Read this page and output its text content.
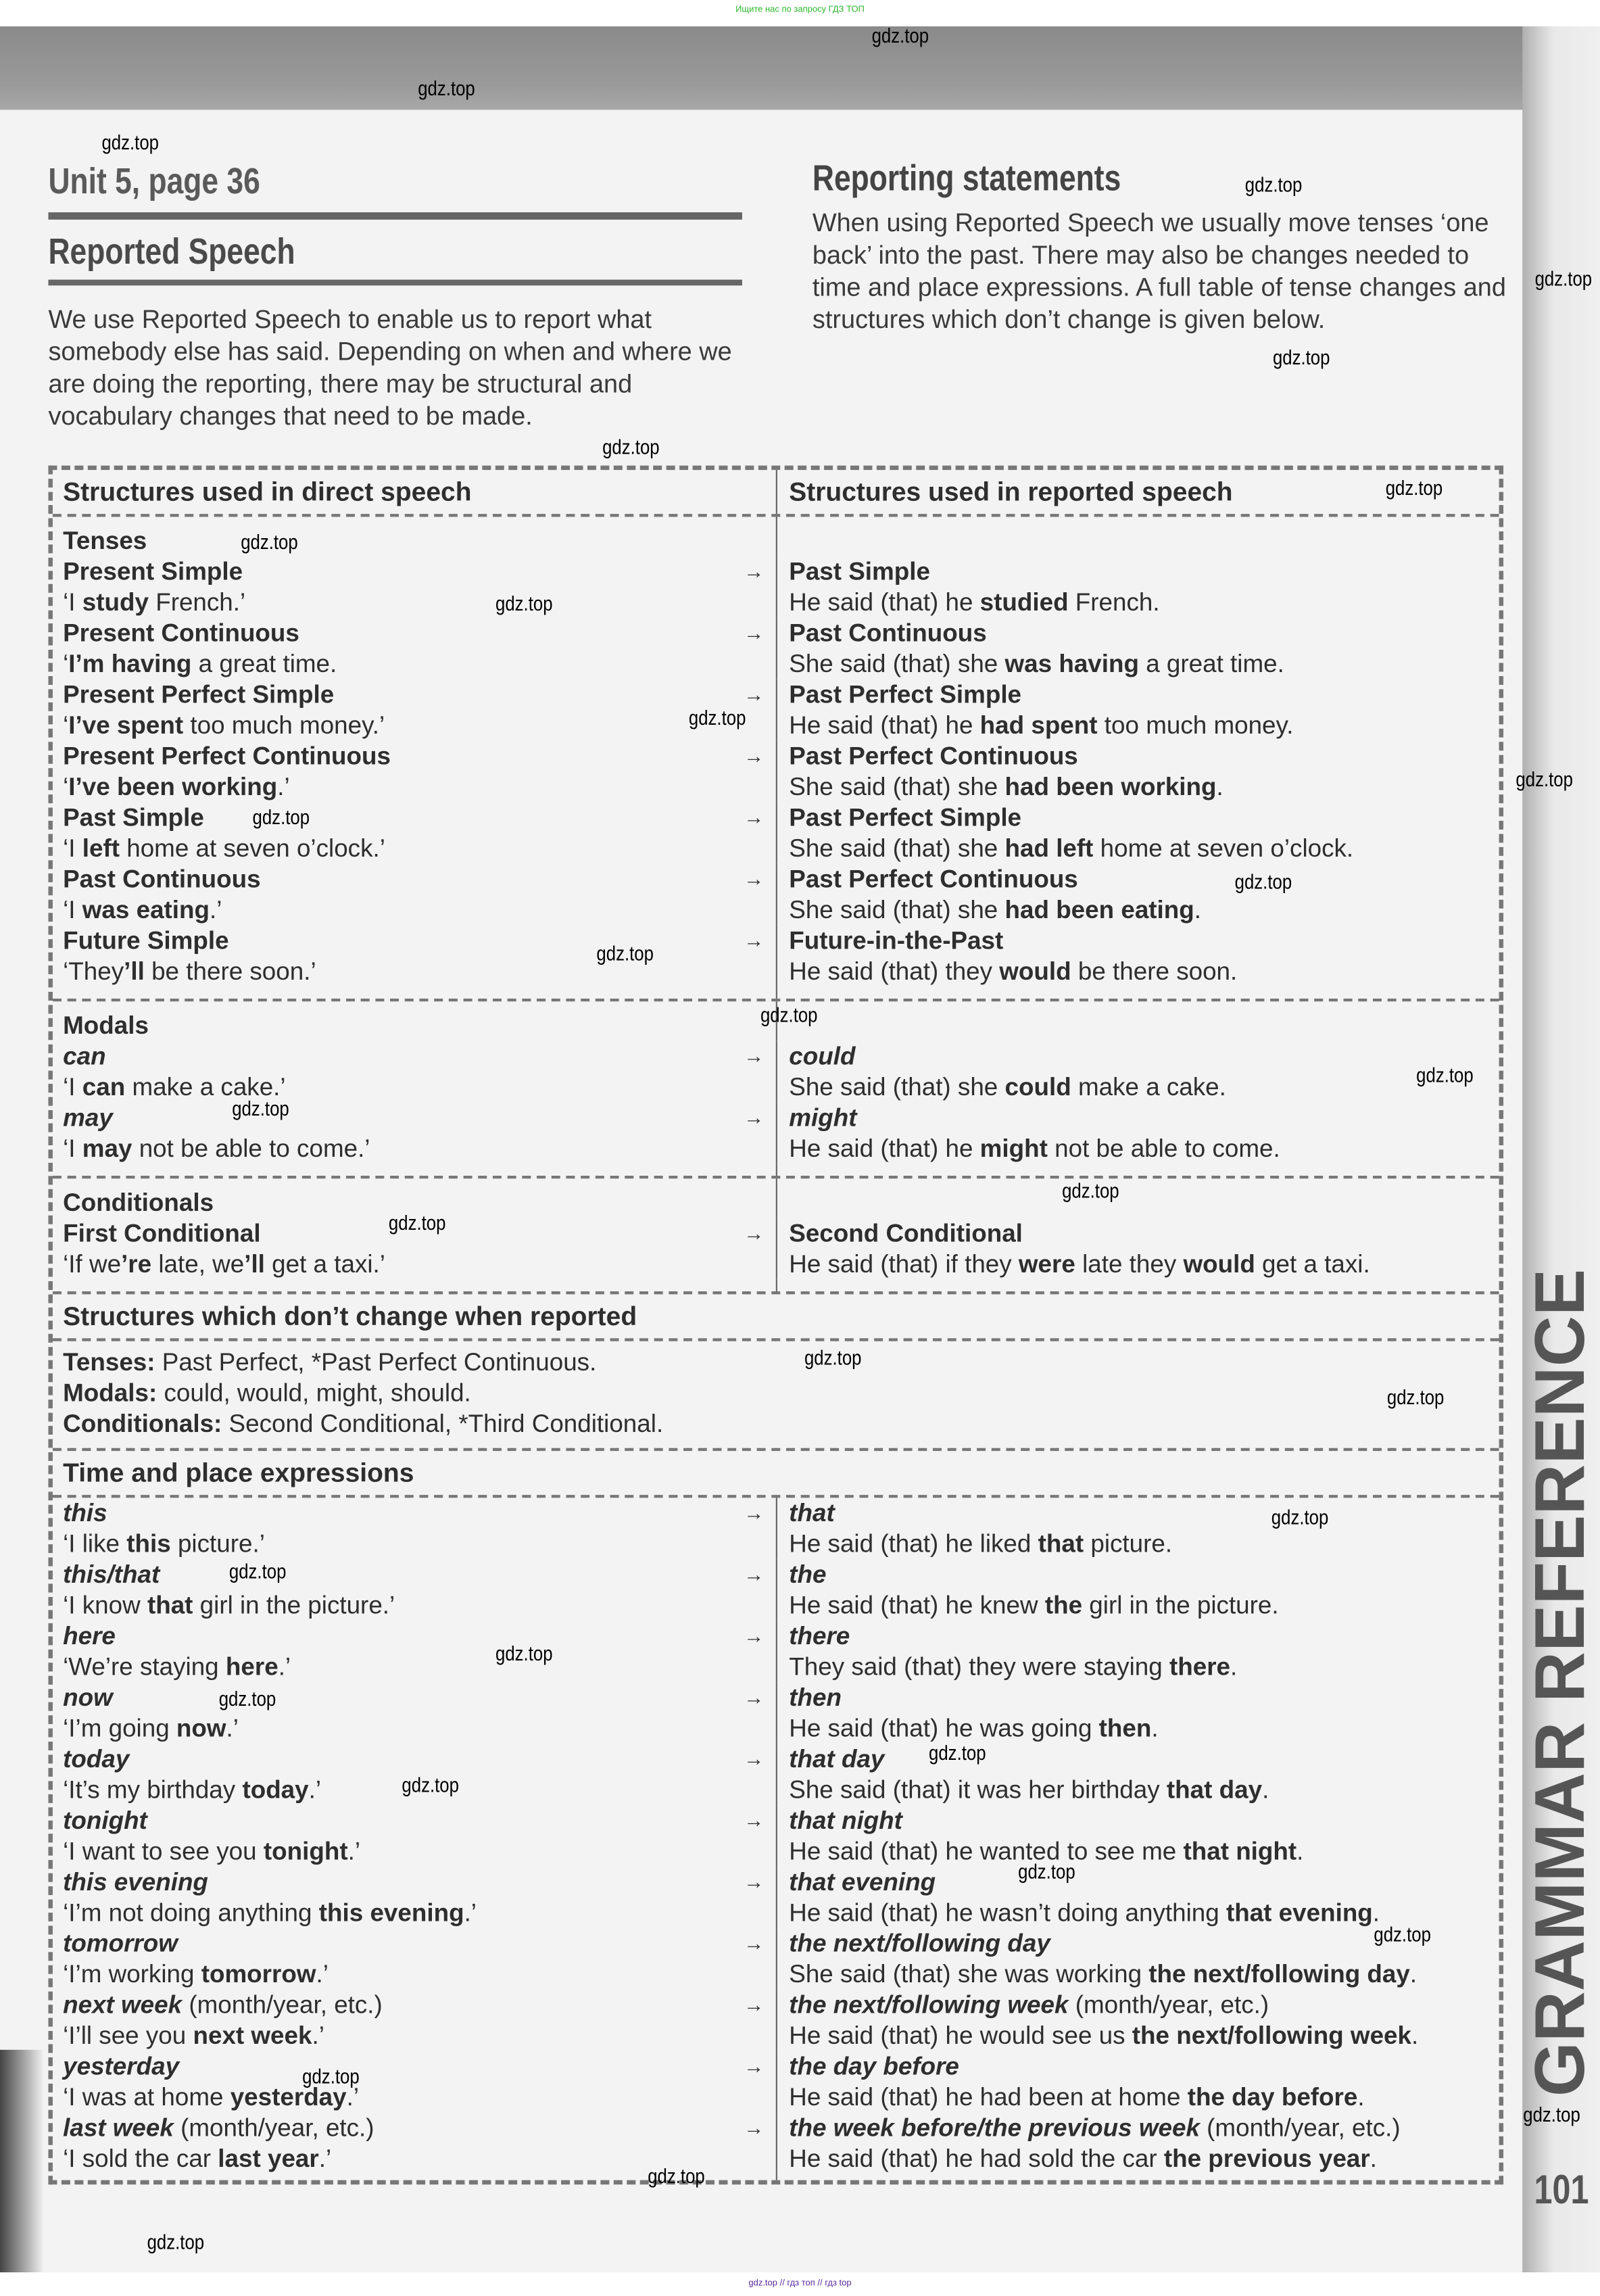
Ищите нас по запросу ГДЗ ТОП
Unit 5, page 36
Reported Speech
We use Reported Speech to enable us to report what somebody else has said. Depending on when and where we are doing the reporting, there may be structural and vocabulary changes that need to be made.
Reporting statements
When using Reported Speech we usually move tenses ‘one back’ into the past. There may also be changes needed to time and place expressions. A full table of tense changes and structures which don’t change is given below.
Structures used in direct speech	Structures used in reported speech
Tenses
Present Simple
‘I study French.’
→ Past Simple
He said (that) he studied French.
Present Continuous
‘I’m having a great time.
→ Past Continuous
She said (that) she was having a great time.
Present Perfect Simple
‘I’ve spent too much money.’
→ Past Perfect Simple
He said (that) he had spent too much money.
Present Perfect Continuous
‘I’ve been working.’
→ Past Perfect Continuous
She said (that) she had been working.
Past Simple
‘I left home at seven o’clock.’
→ Past Perfect Simple
She said (that) she had left home at seven o’clock.
Past Continuous
‘I was eating.’
→ Past Perfect Continuous
She said (that) she had been eating.
Future Simple
‘They’ll be there soon.’
→ Future-in-the-Past
He said (that) they would be there soon.
Modals
can
‘I can make a cake.’
→ could
She said (that) she could make a cake.
may
‘I may not be able to come.’
→ might
He said (that) he might not be able to come.
Conditionals
First Conditional
‘If we’re late, we’ll get a taxi.’
→ Second Conditional
He said (that) if they were late they would get a taxi.
Structures which don’t change when reported
Tenses: Past Perfect, *Past Perfect Continuous.
Modals: could, would, might, should.
Conditionals: Second Conditional, *Third Conditional.
Time and place expressions
this
‘I like this picture.’
→ that
He said (that) he liked that picture.
this/that
‘I know that girl in the picture.’
→ the
He said (that) he knew the girl in the picture.
here
‘We’re staying here.’
→ there
They said (that) they were staying there.
now
‘I’m going now.’
→ then
He said (that) he was going then.
today
‘It’s my birthday today.’
→ that day
She said (that) it was her birthday that day.
tonight
‘I want to see you tonight.’
→ that night
He said (that) he wanted to see me that night.
this evening
‘I’m not doing anything this evening.’
→ that evening
He said (that) he wasn’t doing anything that evening.
tomorrow
‘I’m working tomorrow.’
→ the next/following day
She said (that) she was working the next/following day.
next week (month/year, etc.)
‘I’ll see you next week.’
→ the next/following week (month/year, etc.)
He said (that) he would see us the next/following week.
yesterday
‘I was at home yesterday.’
→ the day before
He said (that) he had been at home the day before.
last week (month/year, etc.)
‘I sold the car last year.’
→ the week before/the previous week (month/year, etc.)
He said (that) he had sold the car the previous year.
GRAMMAR REFERENCE
101
gdz.top
gdz.top
gdz.top
gdz.top
gdz.top
gdz.top
gdz.top
gdz.top
gdz.top
gdz.top
gdz.top
gdz.top
gdz.top
gdz.top
gdz.top
gdz.top
gdz.top
gdz.top
gdz.top
gdz.top
gdz.top
gdz.top
gdz.top
gdz.top
gdz.top
gdz.top
gdz.top
gdz.top
gdz.top
gdz.top
gdz.top
gdz.top
gdz.top
gdz.top
gdz.top // гдз топ // гдз top
